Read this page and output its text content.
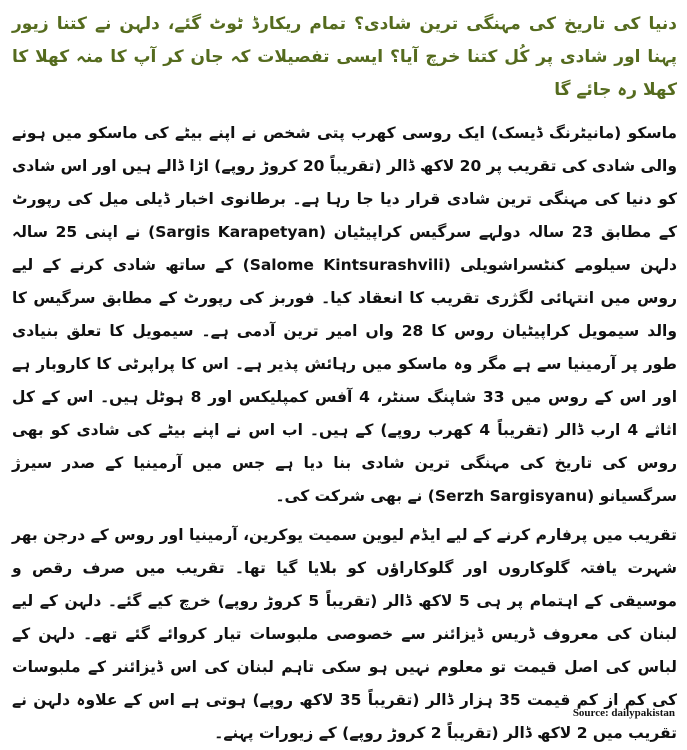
دنیا کی تاریخ کی مہنگی ترین شادی؟ تمام ریکارڈ ٹوٹ گئے، دلہن نے کتنا زیور پہنا اور شادی پر کُل کتنا خرچ آیا؟ ایسی تفصیلات کہ جان کر آپ کا منہ کھلا کا کھلا رہ جائے گا

ماسکو (مانیٹرنگ ڈیسک) ایک روسی کھرب پتی شخص نے اپنے بیٹے کی ماسکو میں ہونے والی شادی کی تقریب پر 20 لاکھ ڈالر (تقریباً 20 کروڑ روپے) اڑا ڈالے ہیں اور اس شادی کو دنیا کی مہنگی ترین شادی قرار دیا جا رہا ہے۔ برطانوی اخبار ڈیلی میل کی رپورٹ کے مطابق 23 سالہ دولہے سرگیس کراپیٹیان (Sargis Karapetyan) نے اپنی 25 سالہ دلہن سیلومے کنٹسراشویلی (Salome Kintsurashvili) کے ساتھ شادی کرنے کے لیے روس میں انتہائی لگژری تقریب کا انعقاد کیا۔ فوربز کی رپورٹ کے مطابق سرگیس کا والد سیمویل کراپیٹیان روس کا 28 واں امیر ترین آدمی ہے۔ سیمویل کا تعلق بنیادی طور پر آرمینیا سے ہے مگر وہ ماسکو میں رہائش پذیر ہے۔ اس کا پراپرٹی کا کاروبار ہے اور اس کے روس میں 33 شاپنگ سنٹر، 4 آفس کمپلیکس اور 8 ہوٹل ہیں۔ اس کے کل اثاثے 4 ارب ڈالر (تقریباً 4 کھرب روپے) کے ہیں۔ اب اس نے اپنے بیٹے کی شادی کو بھی روس کی تاریخ کی مہنگی ترین شادی بنا دیا ہے جس میں آرمینیا کے صدر سیرژ سرگسیانو (Serzh Sargisyanu) نے بھی شرکت کی۔

تقریب میں پرفارم کرنے کے لیے ایڈم لیوین سمیت یوکرین، آرمینیا اور روس کے درجن بھر شہرت یافتہ گلوکاروں اور گلوکاراؤں کو بلایا گیا تھا۔ تقریب میں صرف رقص و موسیقی کے اہتمام پر ہی 5 لاکھ ڈالر (تقریباً 5 کروڑ روپے) خرچ کیے گئے۔ دلہن کے لیے لبنان کی معروف ڈریس ڈیزائنر سے خصوصی ملبوسات تیار کروائے گئے تھے۔ دلہن کے لباس کی اصل قیمت تو معلوم نہیں ہو سکی تاہم لبنان کی اس ڈیزائنر کے ملبوسات کی کم از کم قیمت 35 ہزار ڈالر (تقریباً 35 لاکھ روپے) ہوتی ہے اس کے علاوہ دلہن نے تقریب میں 2 لاکھ ڈالر (تقریباً 2 کروڑ روپے) کے زیورات پہنے۔

Source: dailypakistan
